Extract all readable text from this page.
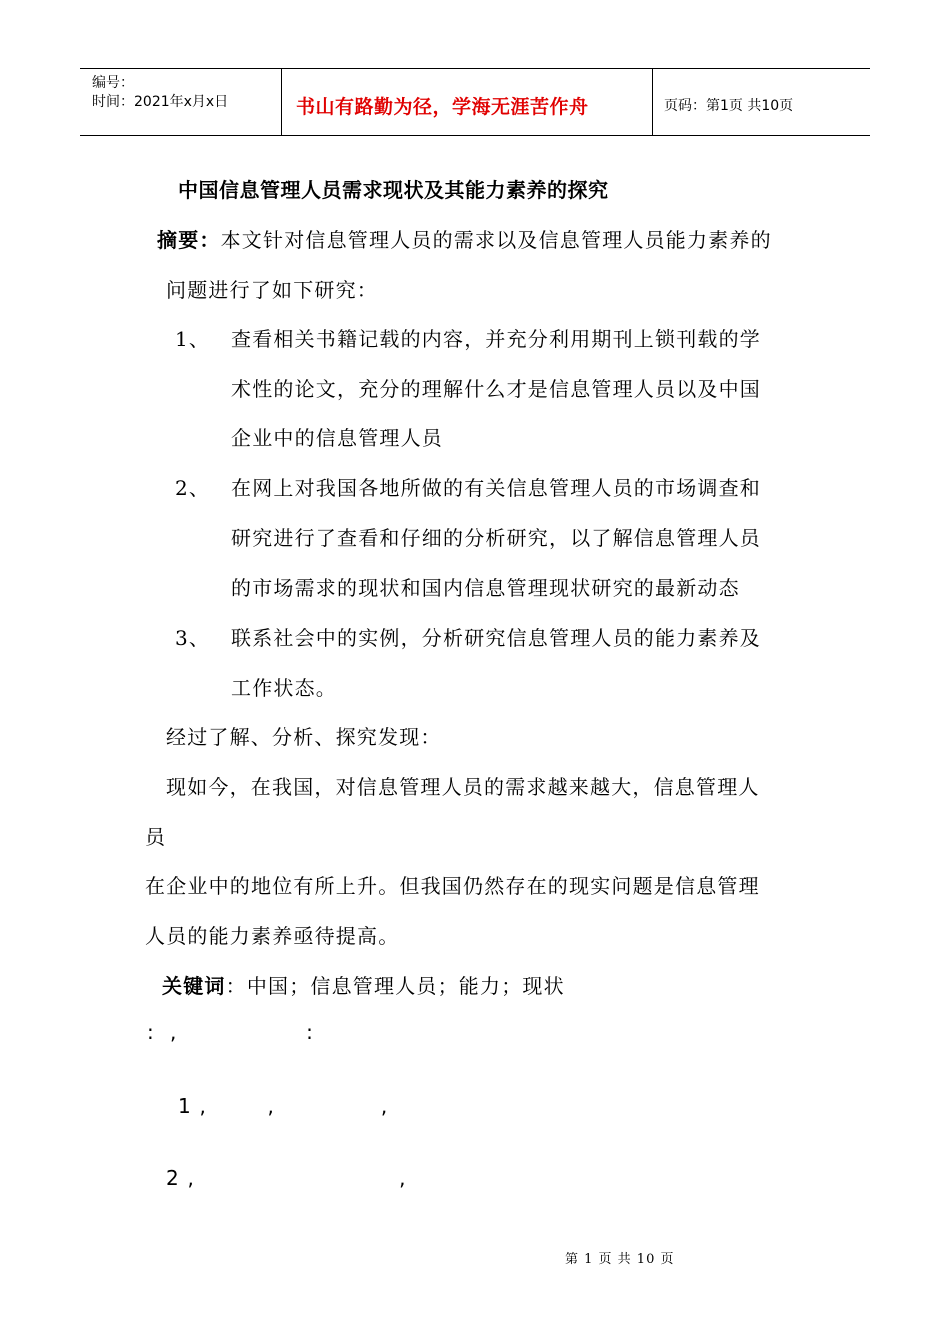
编号：
时间：2021年x月x日	书山有路勤为径，学海无涯苦作舟	页码：第1页 共10页
中国信息管理人员需求现状及其能力素养的探究
摘要：本文针对信息管理人员的需求以及信息管理人员能力素养的
问题进行了如下研究：
1、 查看相关书籍记载的内容，并充分利用期刊上锁刊载的学
术性的论文，充分的理解什么才是信息管理人员以及中国
企业中的信息管理人员
2、 在网上对我国各地所做的有关信息管理人员的市场调查和
研究进行了查看和仔细的分析研究，以了解信息管理人员
的市场需求的现状和国内信息管理现状研究的最新动态
3、 联系社会中的实例，分析研究信息管理人员的能力素养及
工作状态。
经过了解、分析、探究发现：
现如今，在我国，对信息管理人员的需求越来越大，信息管理人
员
在企业中的地位有所上升。但我国仍然存在的现实问题是信息管理
人员的能力素养亟待提高。
关键词：中国；信息管理人员；能力；现状
:  ,                 :
1 ,        ,              ,
2 ,                           ,
第 1 页 共 10 页
